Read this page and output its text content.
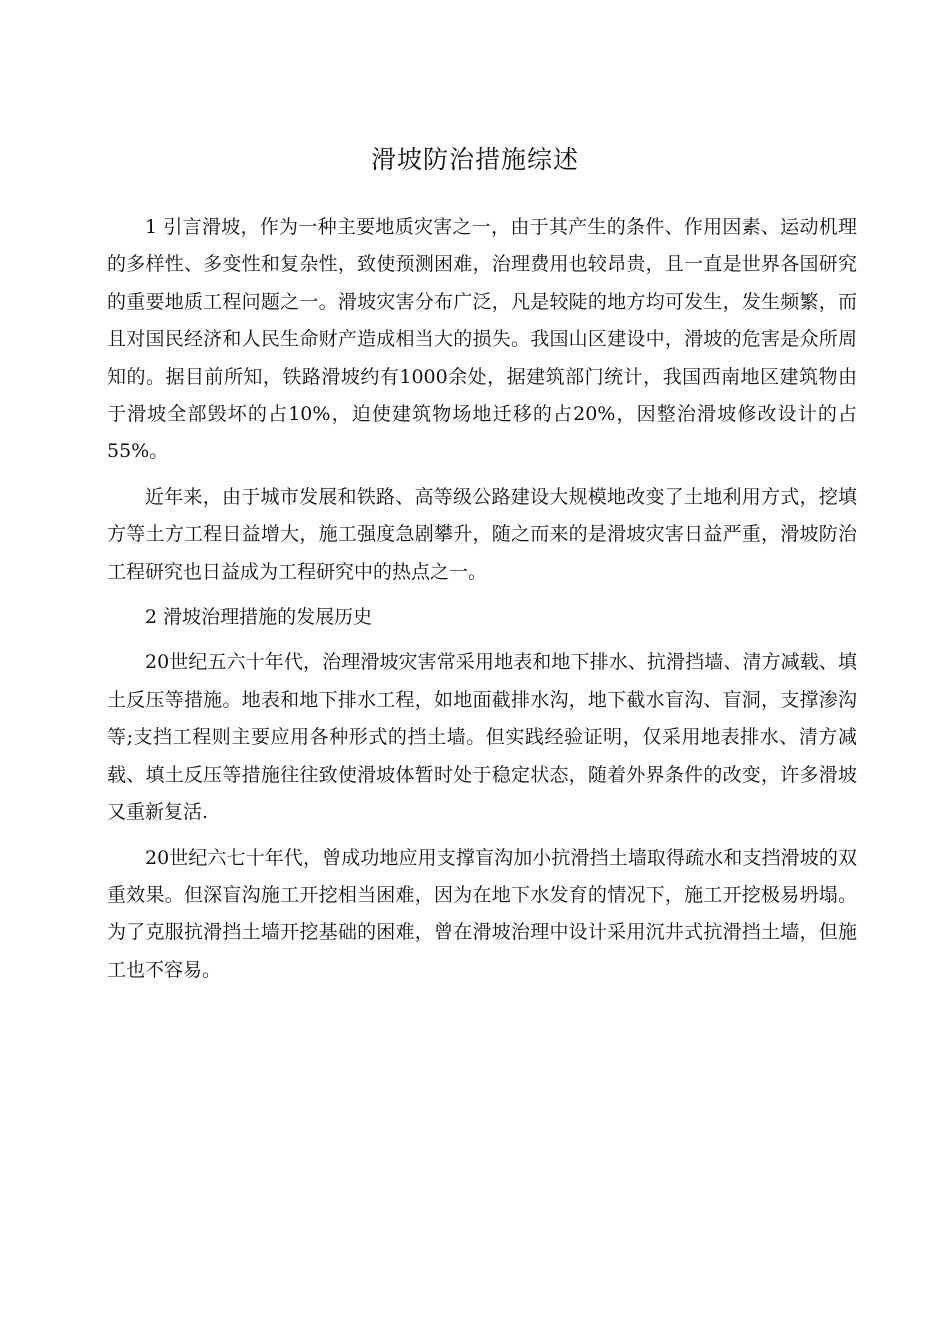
滑坡防治措施综述

1 引言滑坡，作为一种主要地质灾害之一，由于其产生的条件、作用因素、运动机理的多样性、多变性和复杂性，致使预测困难，治理费用也较昂贵，且一直是世界各国研究的重要地质工程问题之一。滑坡灾害分布广泛，凡是较陡的地方均可发生，发生频繁，而且对国民经济和人民生命财产造成相当大的损失。我国山区建设中，滑坡的危害是众所周知的。据目前所知，铁路滑坡约有1000余处，据建筑部门统计，我国西南地区建筑物由于滑坡全部毁坏的占10%，迫使建筑物场地迁移的占20%，因整治滑坡修改设计的占55%。

近年来，由于城市发展和铁路、高等级公路建设大规模地改变了土地利用方式，挖填方等土方工程日益增大，施工强度急剧攀升，随之而来的是滑坡灾害日益严重，滑坡防治工程研究也日益成为工程研究中的热点之一。

2 滑坡治理措施的发展历史

20世纪五六十年代，治理滑坡灾害常采用地表和地下排水、抗滑挡墙、清方减载、填土反压等措施。地表和地下排水工程，如地面截排水沟，地下截水盲沟、盲洞，支撑渗沟等;支挡工程则主要应用各种形式的挡土墙。但实践经验证明，仅采用地表排水、清方减载、填土反压等措施往往致使滑坡体暂时处于稳定状态，随着外界条件的改变，许多滑坡又重新复活.

20世纪六七十年代，曾成功地应用支撑盲沟加小抗滑挡土墙取得疏水和支挡滑坡的双重效果。但深盲沟施工开挖相当困难，因为在地下水发育的情况下，施工开挖极易坍塌。为了克服抗滑挡土墙开挖基础的困难，曾在滑坡治理中设计采用沉井式抗滑挡土墙，但施工也不容易。
